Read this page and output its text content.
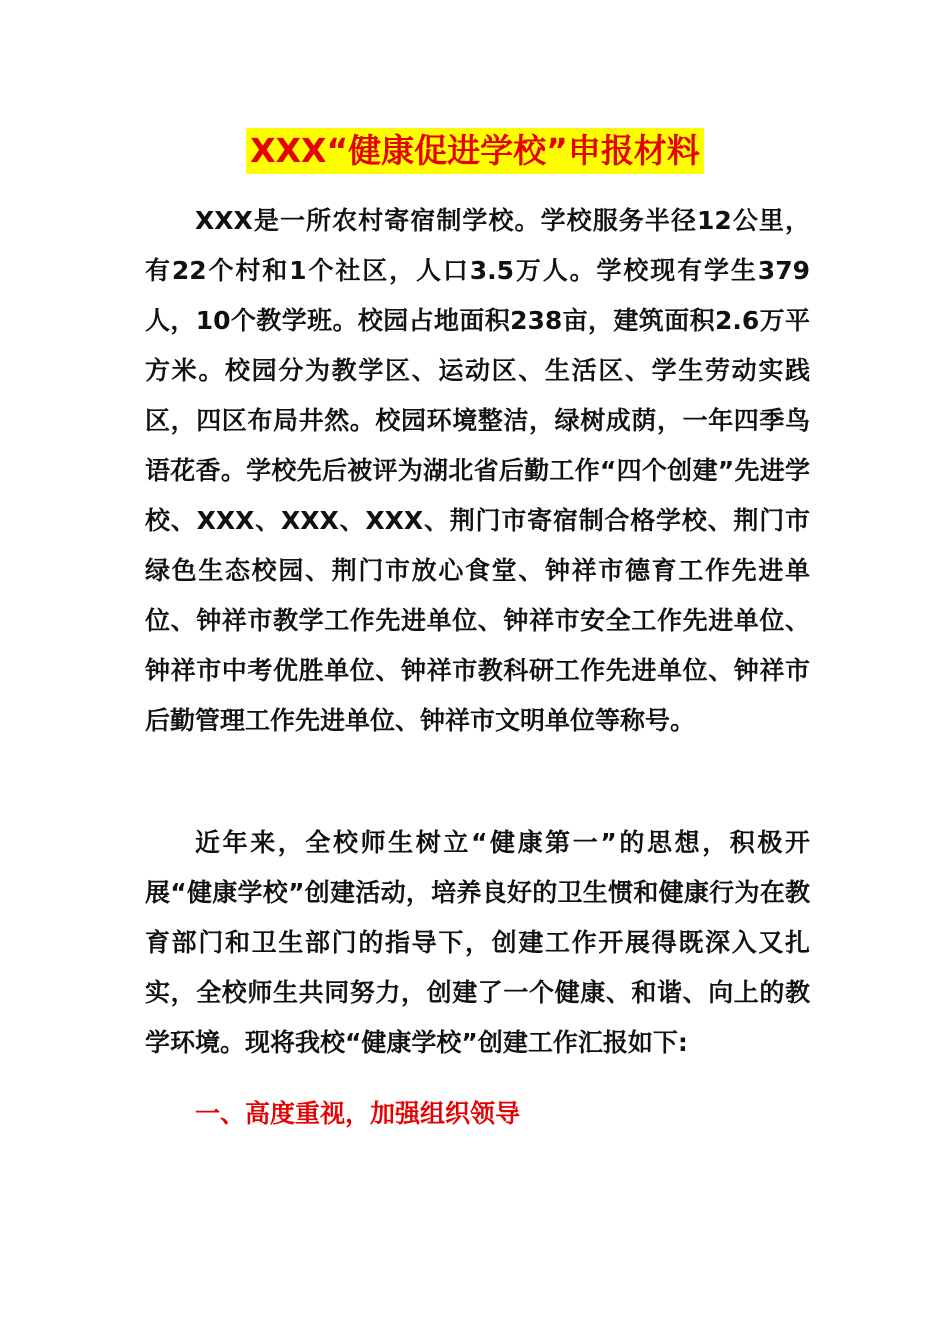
XXX“健康促进学校”申报材料

XXX是一所农村寄宿制学校。学校服务半径12公里，有22个村和1个社区，人口3.5万人。学校现有学生379人，10个教学班。校园占地面积238亩，建筑面积2.6万平方米。校园分为教学区、运动区、生活区、学生劳动实践区，四区布局井然。校园环境整洁，绿树成荫，一年四季鸟语花香。学校先后被评为湖北省后勤工作“四个创建”先进学校、XXX、XXX、XXX、荆门市寄宿制合格学校、荆门市绿色生态校园、荆门市放心食堂、钟祥市德育工作先进单位、钟祥市教学工作先进单位、钟祥市安全工作先进单位、钟祥市中考优胜单位、钟祥市教科研工作先进单位、钟祥市后勤管理工作先进单位、钟祥市文明单位等称号。

近年来，全校师生树立“健康第一”的思想，积极开展“健康学校”创建活动，培养良好的卫生惯和健康行为在教育部门和卫生部门的指导下，创建工作开展得既深入又扎实，全校师生共同努力，创建了一个健康、和谐、向上的教学环境。现将我校“健康学校”创建工作汇报如下:

一、高度重视，加强组织领导
